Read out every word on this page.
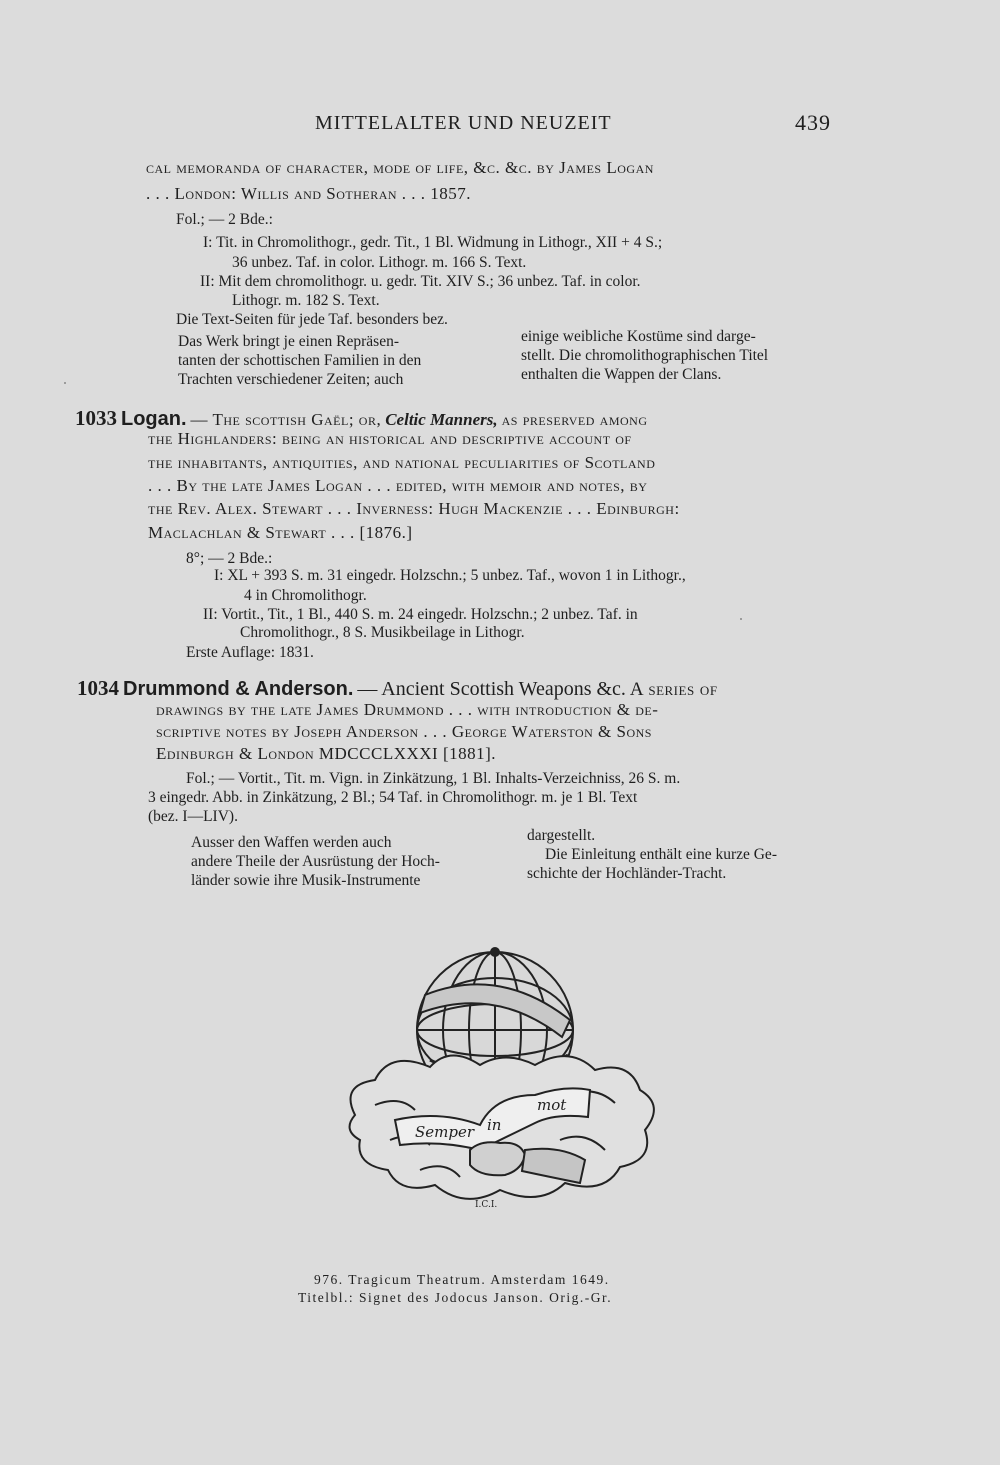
MITTELALTER UND NEUZEIT	439
cal memoranda of character, mode of life, &c. &c. by James Logan
. . . London: Willis and Sotheran . . . 1857.
Fol.; — 2 Bde.:
I: Tit. in Chromolithogr., gedr. Tit., 1 Bl. Widmung in Lithogr., XII + 4 S.;
36 unbez. Taf. in color. Lithogr. m. 166 S. Text.
II: Mit dem chromolithogr. u. gedr. Tit. XIV S.; 36 unbez. Taf. in color.
Lithogr. m. 182 S. Text.
Die Text-Seiten für jede Taf. besonders bez.
Das Werk bringt je einen Repräsen-
tanten der schottischen Familien in den
Trachten verschiedener Zeiten; auch
einige weibliche Kostüme sind darge-
stellt. Die chromolithographischen Titel
enthalten die Wappen der Clans.
1033 Logan. — The scottish Gaël; or, Celtic Manners, as preserved among
the Highlanders: being an historical and descriptive account of
the inhabitants, antiquities, and national peculiarities of Scotland
. . . By the late James Logan . . . edited, with memoir and notes, by
the Rev. Alex. Stewart . . . Inverness: Hugh Mackenzie . . . Edinburgh:
Maclachlan & Stewart . . . [1876.]
8°; — 2 Bde.:
I: XL + 393 S. m. 31 eingedr. Holzschn.; 5 unbez. Taf., wovon 1 in Lithogr.,
4 in Chromolithogr.
II: Vortit., Tit., 1 Bl., 440 S. m. 24 eingedr. Holzschn.; 2 unbez. Taf. in
Chromolithogr., 8 S. Musikbeilage in Lithogr.
Erste Auflage: 1831.
1034 Drummond & Anderson. — Ancient Scottish Weapons &c. A series of
drawings by the late James Drummond . . . with introduction & de-
scriptive notes by Joseph Anderson . . . George Waterston & Sons
Edinburgh & London MDCCCLXXXI [1881].
Fol.; — Vortit., Tit. m. Vign. in Zinkätzung, 1 Bl. Inhalts-Verzeichniss, 26 S. m.
3 eingedr. Abb. in Zinkätzung, 2 Bl.; 54 Taf. in Chromolithogr. m. je 1 Bl. Text
(bez. I—LIV).
Ausser den Waffen werden auch
andere Theile der Ausrüstung der Hoch-
länder sowie ihre Musik-Instrumente
dargestellt.
Die Einleitung enthält eine kurze Ge-
schichte der Hochländer-Tracht.
Semper in
mot
I.C.I.
976. Tragicum Theatrum. Amsterdam 1649.
Titelbl.: Signet des Jodocus Janson. Orig.-Gr.
